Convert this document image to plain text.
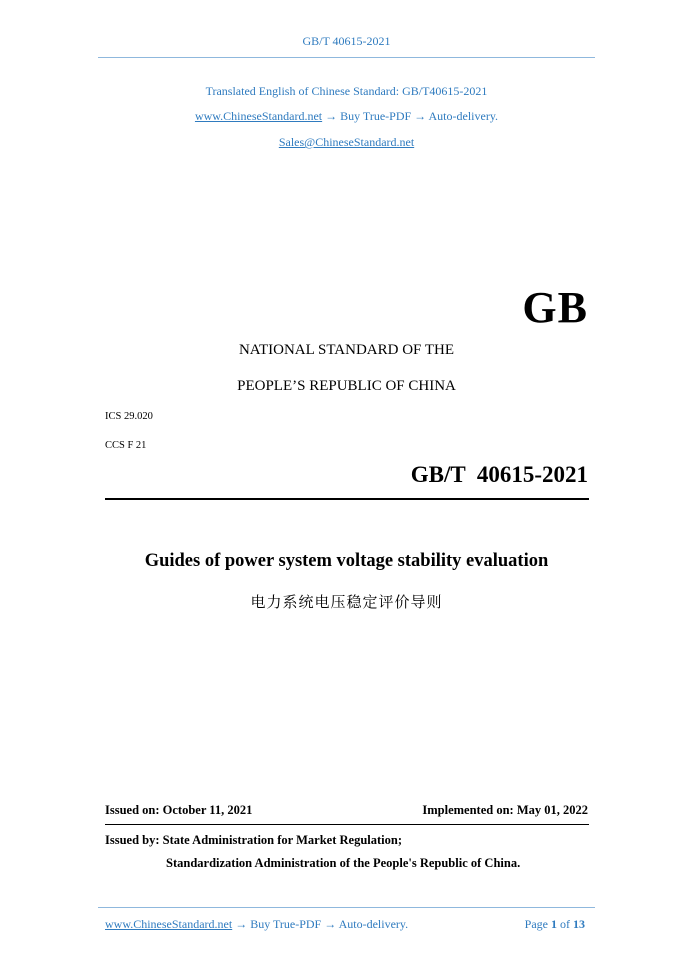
GB/T 40615-2021
Translated English of Chinese Standard: GB/T40615-2021
www.ChineseStandard.net → Buy True-PDF → Auto-delivery.
Sales@ChineseStandard.net
GB
NATIONAL STANDARD OF THE
PEOPLE’S REPUBLIC OF CHINA
ICS 29.020
CCS F 21
GB/T  40615-2021
Guides of power system voltage stability evaluation
电力系统电压稳定评价导则
Issued on: October 11, 2021	Implemented on: May 01, 2022
Issued by: State Administration for Market Regulation;
Standardization Administration of the People's Republic of China.
www.ChineseStandard.net → Buy True-PDF → Auto-delivery.	Page 1 of 13
